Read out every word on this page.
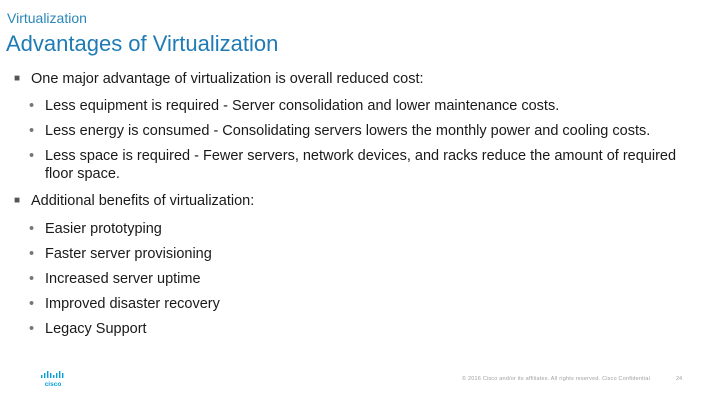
Virtualization
Advantages of Virtualization
■ One major advantage of virtualization is overall reduced cost:
• Less equipment is required - Server consolidation and lower maintenance costs.
• Less energy is consumed - Consolidating servers lowers the monthly power and cooling costs.
• Less space is required - Fewer servers, network devices, and racks reduce the amount of required floor space.
■ Additional benefits of virtualization:
• Easier prototyping
• Faster server provisioning
• Increased server uptime
• Improved disaster recovery
• Legacy Support
cisco
© 2016 Cisco and/or its affiliates. All rights reserved. Cisco Confidential	24
